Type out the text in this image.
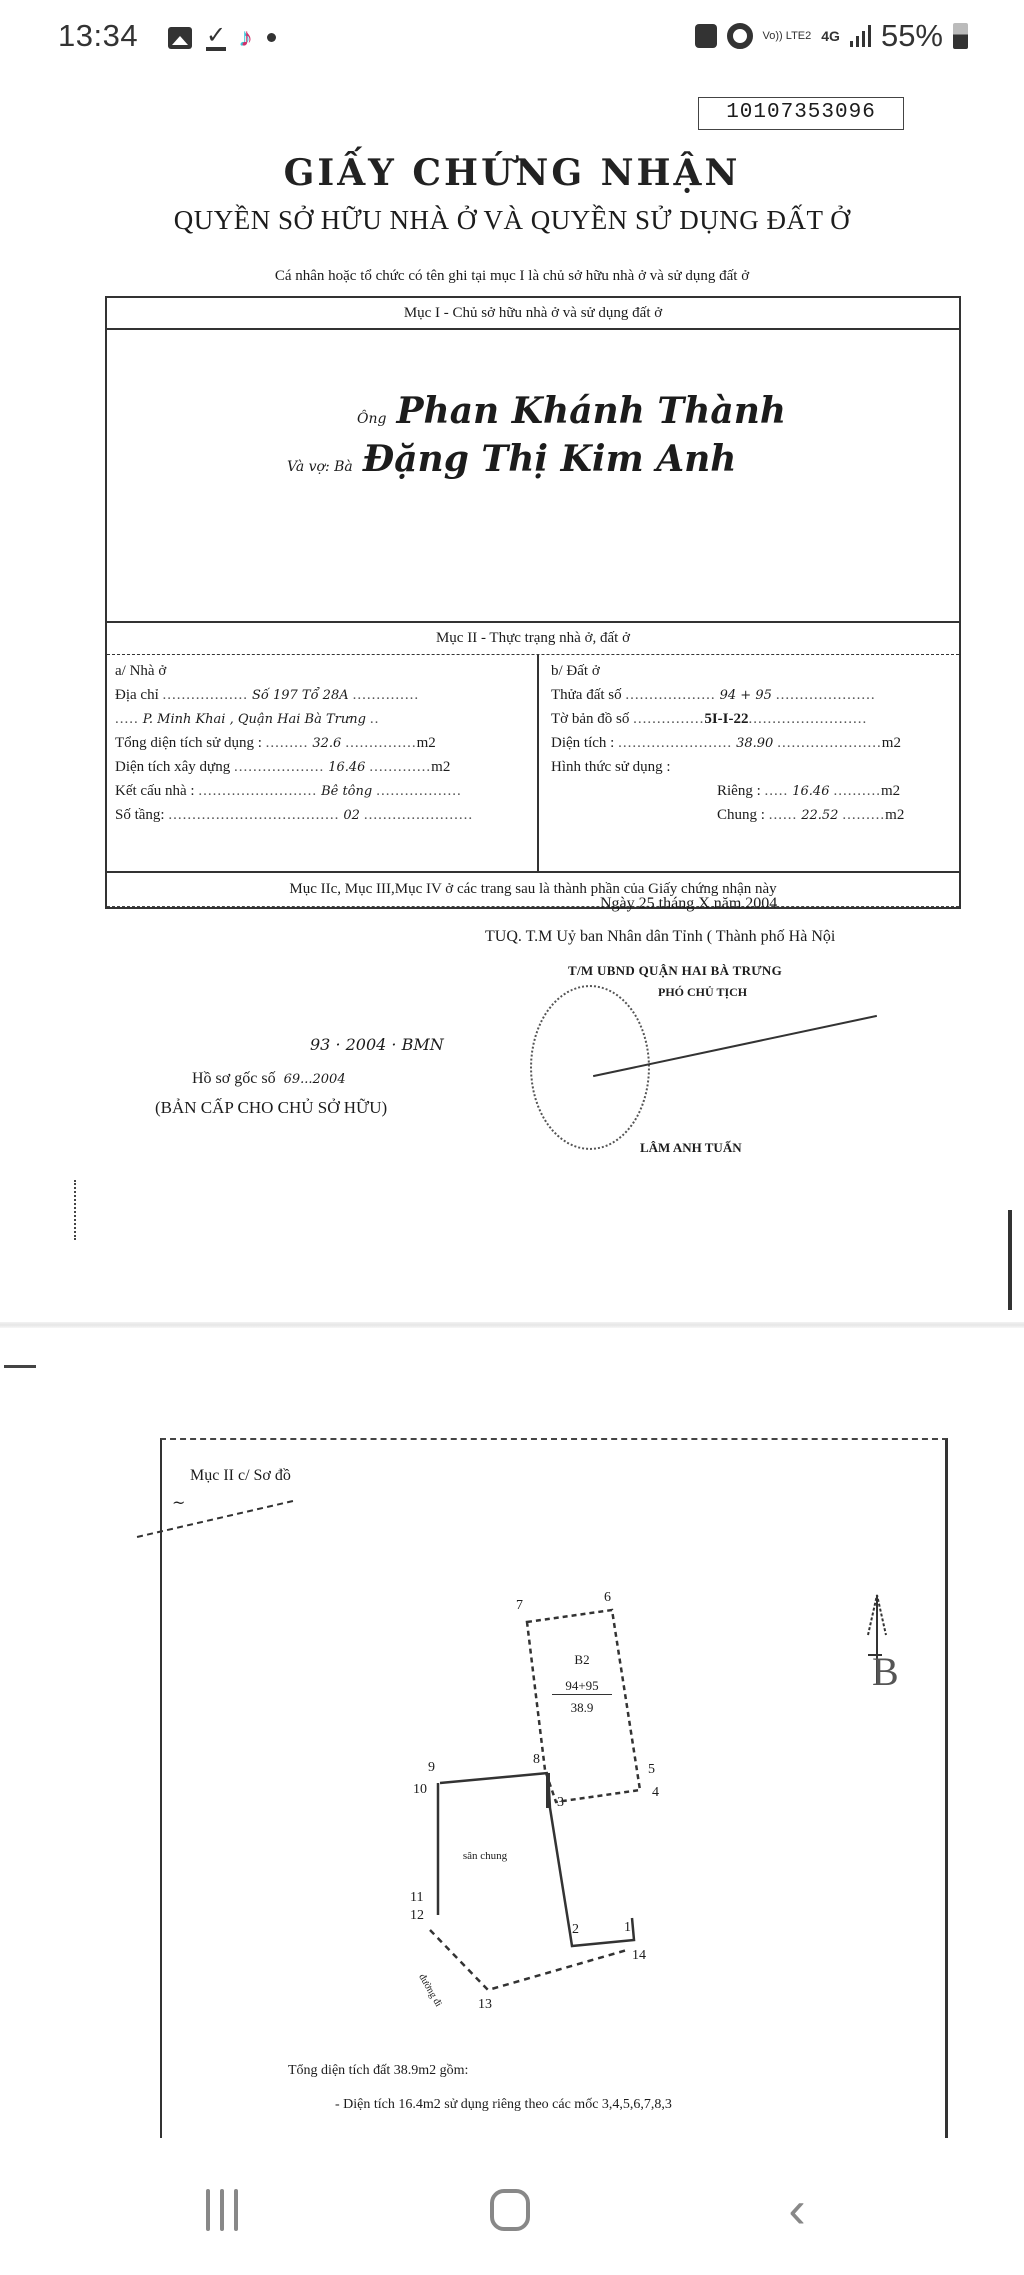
13:34	✓ ♪	Vo)) LTE2 4G 55%
10107353096
GIẤY CHỨNG NHẬN
QUYỀN SỞ HỮU NHÀ Ở VÀ QUYỀN SỬ DỤNG ĐẤT Ở
Cá nhân hoặc tổ chức có tên ghi tại mục I là chủ sở hữu nhà ở và sử dụng đất ở
Mục I - Chủ sở hữu nhà ở và sử dụng đất ở
Ông Phan Khánh Thành
Và vợ: Bà Đặng Thị Kim Anh
Mục II - Thực trạng nhà ở, đất ở
a/ Nhà ở
Địa chỉ .................. Số 197 Tổ 28A ..............
..... P. Minh Khai , Quận Hai Bà Trưng ..
Tổng diện tích sử dụng : ......... 32.6 ...............m2
Diện tích xây dựng ................... 16.46 .............m2
Kết cấu nhà : ......................... Bê tông ..................
Số tầng: .................................... 02 .......................
b/ Đất ở
Thửa đất số ................... 94 + 95 .....................
Tờ bản đồ số ...............5I-I-22.........................
Diện tích : ........................ 38.90 ......................m2
Hình thức sử dụng :
Riêng : ..... 16.46 ..........m2
Chung : ...... 22.52 .........m2
Mục IIc, Mục III,Mục IV ở các trang sau là thành phần của Giấy chứng nhận này
Ngày 25 tháng X năm 2004
TUQ. T.M Uỷ ban Nhân dân Tỉnh ( Thành phố Hà Nội
T/M UBND QUẬN HAI BÀ TRƯNG
PHÓ CHỦ TỊCH
LÂM ANH TUẤN
93 · 2004 · BMN
Hồ sơ gốc số 69...2004
(BẢN CẤP CHO CHỦ SỞ HỮU)
Mục II c/ Sơ đồ
~
7
6
5
4
8
3
9
10
11
12
13
14
2	1
B2
94+95
38.9
sân chung
đường đi
B
Tổng diện tích đất 38.9m2 gồm:
- Diện tích 16.4m2 sử dụng riêng theo các mốc 3,4,5,6,7,8,3
‹
